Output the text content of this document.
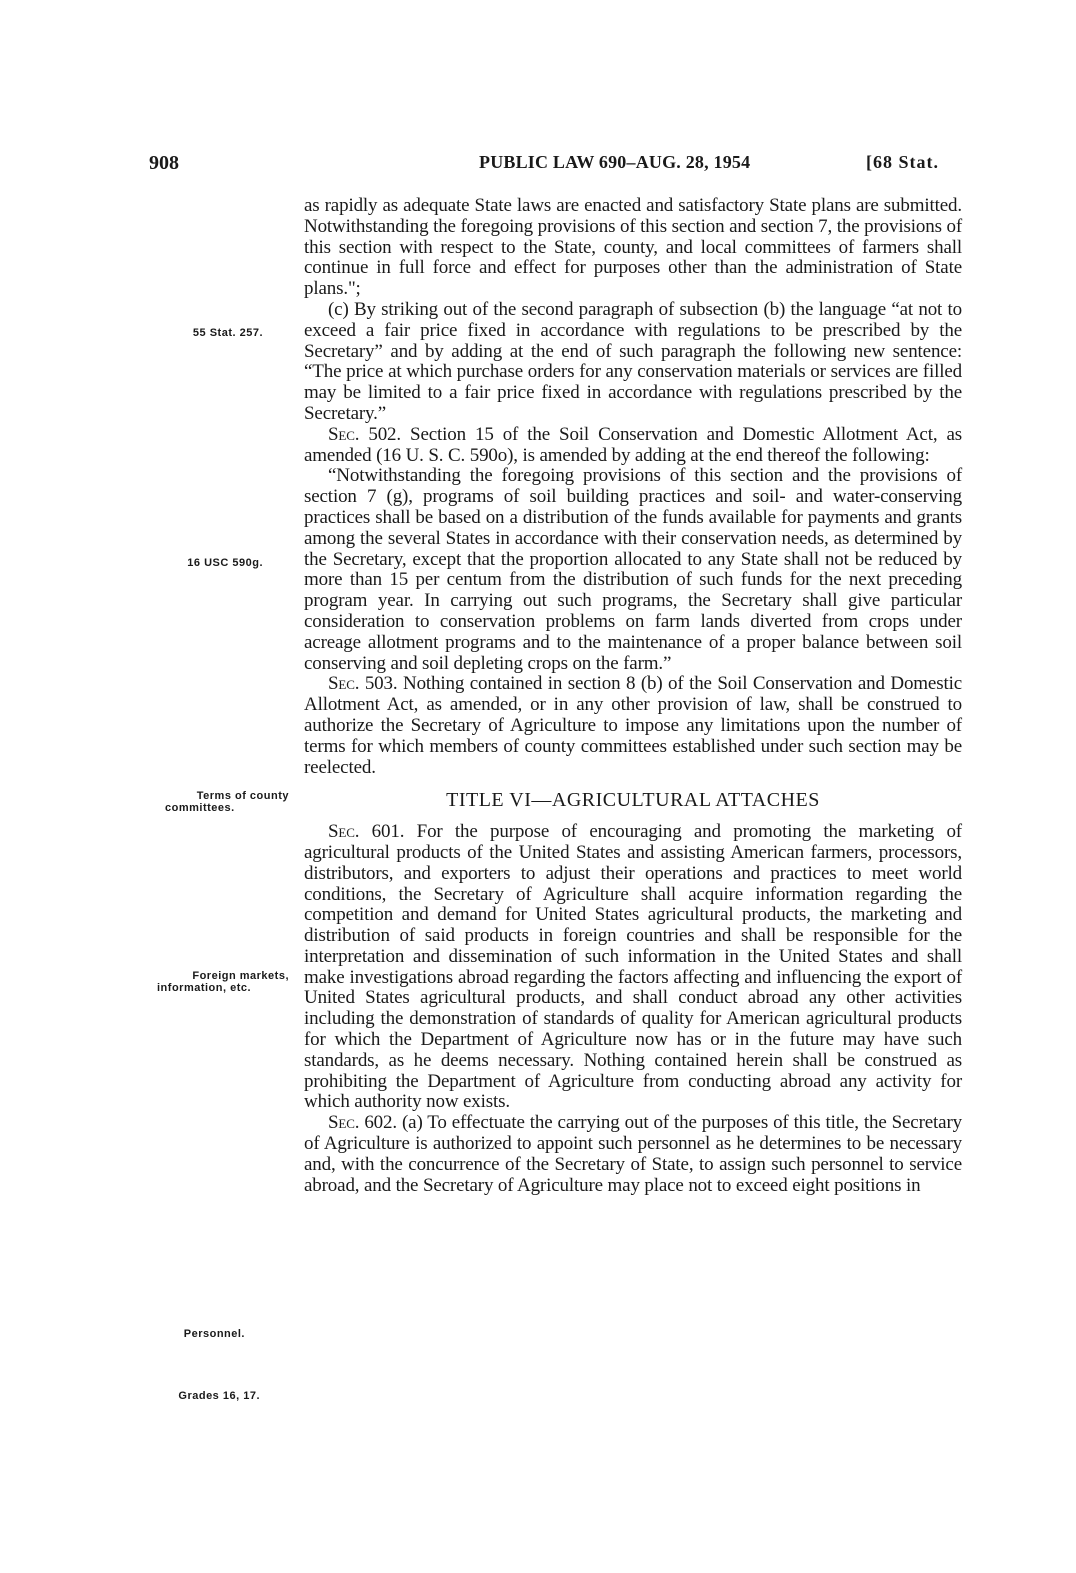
908	PUBLIC LAW 690–AUG. 28, 1954	[68 Stat.
55 Stat. 257.
16 USC 590g.
Terms of county
committees.
Foreign markets,
information, etc.
Personnel.
Grades 16, 17.

as rapidly as adequate State laws are enacted and satisfactory State plans are submitted. Notwithstanding the foregoing provisions of this section and section 7, the provisions of this section with respect to the State, county, and local committees of farmers shall continue in full force and effect for purposes other than the administration of State plans.";

(c) By striking out of the second paragraph of subsection (b) the language “at not to exceed a fair price fixed in accordance with regulations to be prescribed by the Secretary” and by adding at the end of such paragraph the following new sentence: “The price at which purchase orders for any conservation materials or services are filled may be limited to a fair price fixed in accordance with regulations prescribed by the Secretary.”

Sec. 502. Section 15 of the Soil Conservation and Domestic Allotment Act, as amended (16 U. S. C. 590o), is amended by adding at the end thereof the following:

“Notwithstanding the foregoing provisions of this section and the provisions of section 7 (g), programs of soil building practices and soil- and water-conserving practices shall be based on a distribution of the funds available for payments and grants among the several States in accordance with their conservation needs, as determined by the Secretary, except that the proportion allocated to any State shall not be reduced by more than 15 per centum from the distribution of such funds for the next preceding program year. In carrying out such programs, the Secretary shall give particular consideration to conservation problems on farm lands diverted from crops under acreage allotment programs and to the maintenance of a proper balance between soil conserving and soil depleting crops on the farm.”

Sec. 503. Nothing contained in section 8 (b) of the Soil Conservation and Domestic Allotment Act, as amended, or in any other provision of law, shall be construed to authorize the Secretary of Agriculture to impose any limitations upon the number of terms for which members of county committees established under such section may be reelected.

TITLE VI—AGRICULTURAL ATTACHES

Sec. 601. For the purpose of encouraging and promoting the marketing of agricultural products of the United States and assisting American farmers, processors, distributors, and exporters to adjust their operations and practices to meet world conditions, the Secretary of Agriculture shall acquire information regarding the competition and demand for United States agricultural products, the marketing and distribution of said products in foreign countries and shall be responsible for the interpretation and dissemination of such information in the United States and shall make investigations abroad regarding the factors affecting and influencing the export of United States agricultural products, and shall conduct abroad any other activities including the demonstration of standards of quality for American agricultural products for which the Department of Agriculture now has or in the future may have such standards, as he deems necessary. Nothing contained herein shall be construed as prohibiting the Department of Agriculture from conducting abroad any activity for which authority now exists.

Sec. 602. (a) To effectuate the carrying out of the purposes of this title, the Secretary of Agriculture is authorized to appoint such personnel as he determines to be necessary and, with the concurrence of the Secretary of State, to assign such personnel to service abroad, and the Secretary of Agriculture may place not to exceed eight positions in
